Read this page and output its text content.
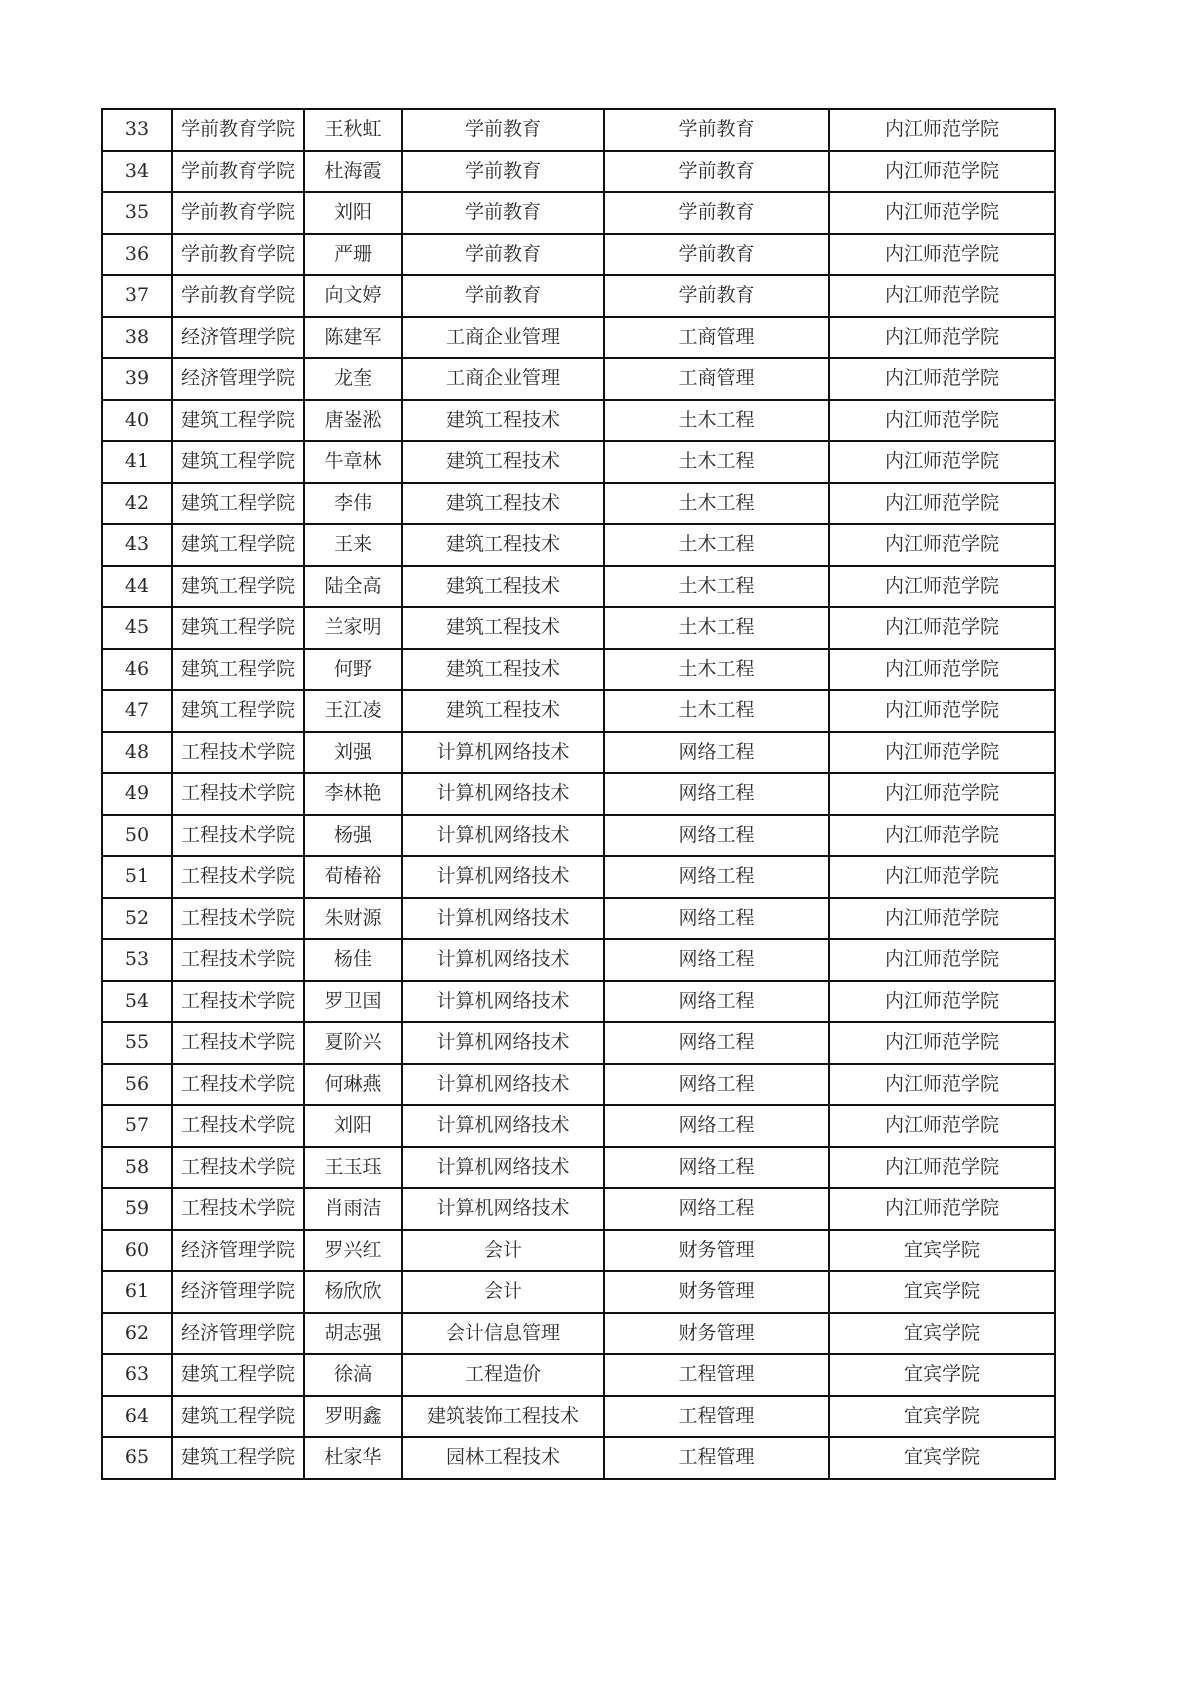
33	学前教育学院	王秋虹	学前教育	学前教育	内江师范学院
34	学前教育学院	杜海霞	学前教育	学前教育	内江师范学院
35	学前教育学院	刘阳	学前教育	学前教育	内江师范学院
36	学前教育学院	严珊	学前教育	学前教育	内江师范学院
37	学前教育学院	向文婷	学前教育	学前教育	内江师范学院
38	经济管理学院	陈建军	工商企业管理	工商管理	内江师范学院
39	经济管理学院	龙奎	工商企业管理	工商管理	内江师范学院
40	建筑工程学院	唐崟淞	建筑工程技术	土木工程	内江师范学院
41	建筑工程学院	牛章林	建筑工程技术	土木工程	内江师范学院
42	建筑工程学院	李伟	建筑工程技术	土木工程	内江师范学院
43	建筑工程学院	王来	建筑工程技术	土木工程	内江师范学院
44	建筑工程学院	陆全高	建筑工程技术	土木工程	内江师范学院
45	建筑工程学院	兰家明	建筑工程技术	土木工程	内江师范学院
46	建筑工程学院	何野	建筑工程技术	土木工程	内江师范学院
47	建筑工程学院	王江凌	建筑工程技术	土木工程	内江师范学院
48	工程技术学院	刘强	计算机网络技术	网络工程	内江师范学院
49	工程技术学院	李林艳	计算机网络技术	网络工程	内江师范学院
50	工程技术学院	杨强	计算机网络技术	网络工程	内江师范学院
51	工程技术学院	荀椿裕	计算机网络技术	网络工程	内江师范学院
52	工程技术学院	朱财源	计算机网络技术	网络工程	内江师范学院
53	工程技术学院	杨佳	计算机网络技术	网络工程	内江师范学院
54	工程技术学院	罗卫国	计算机网络技术	网络工程	内江师范学院
55	工程技术学院	夏阶兴	计算机网络技术	网络工程	内江师范学院
56	工程技术学院	何琳燕	计算机网络技术	网络工程	内江师范学院
57	工程技术学院	刘阳	计算机网络技术	网络工程	内江师范学院
58	工程技术学院	王玉珏	计算机网络技术	网络工程	内江师范学院
59	工程技术学院	肖雨洁	计算机网络技术	网络工程	内江师范学院
60	经济管理学院	罗兴红	会计	财务管理	宜宾学院
61	经济管理学院	杨欣欣	会计	财务管理	宜宾学院
62	经济管理学院	胡志强	会计信息管理	财务管理	宜宾学院
63	建筑工程学院	徐滈	工程造价	工程管理	宜宾学院
64	建筑工程学院	罗明鑫	建筑装饰工程技术	工程管理	宜宾学院
65	建筑工程学院	杜家华	园林工程技术	工程管理	宜宾学院
